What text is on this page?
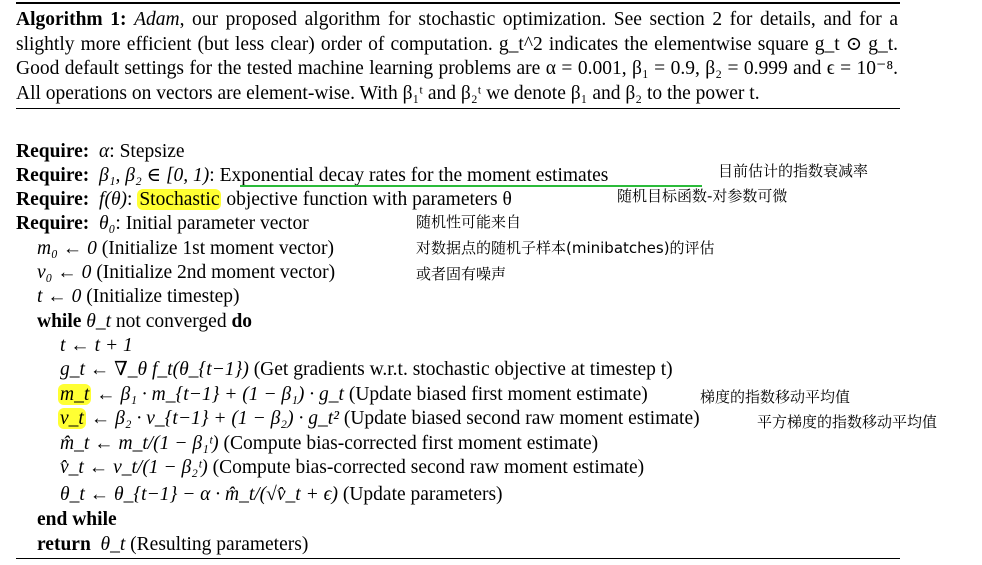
Algorithm 1: Adam, our proposed algorithm for stochastic optimization. See section 2 for details, and for a slightly more efficient (but less clear) order of computation. g_t^2 indicates the elementwise square g_t ⊙ g_t. Good default settings for the tested machine learning problems are α = 0.001, β₁ = 0.9, β₂ = 0.999 and ϵ = 10⁻⁸. All operations on vectors are element-wise. With β₁ᵗ and β₂ᵗ we denote β₁ and β₂ to the power t.
Require: α: Stepsize
Require: β₁, β₂ ∈ [0, 1): Exponential decay rates for the moment estimates
Require: f(θ): Stochastic objective function with parameters θ
Require: θ₀: Initial parameter vector
m₀ ← 0 (Initialize 1st moment vector)
v₀ ← 0 (Initialize 2nd moment vector)
t ← 0 (Initialize timestep)
while θ_t not converged do
t ← t + 1
g_t ← ∇_θ f_t(θ_{t−1}) (Get gradients w.r.t. stochastic objective at timestep t)
m_t ← β₁ · m_{t−1} + (1 − β₁) · g_t (Update biased first moment estimate)
v_t ← β₂ · v_{t−1} + (1 − β₂) · g_t² (Update biased second raw moment estimate)
m̂_t ← m_t/(1 − β₁ᵗ) (Compute bias-corrected first moment estimate)
v̂_t ← v_t/(1 − β₂ᵗ) (Compute bias-corrected second raw moment estimate)
θ_t ← θ_{t−1} − α · m̂_t/(√v̂_t + ϵ) (Update parameters)
end while
return θ_t (Resulting parameters)
目前估计的指数衰减率
随机目标函数-对参数可微
随机性可能来自
对数据点的随机子样本(minibatches)的评估
或者固有噪声
梯度的指数移动平均值
平方梯度的指数移动平均值
